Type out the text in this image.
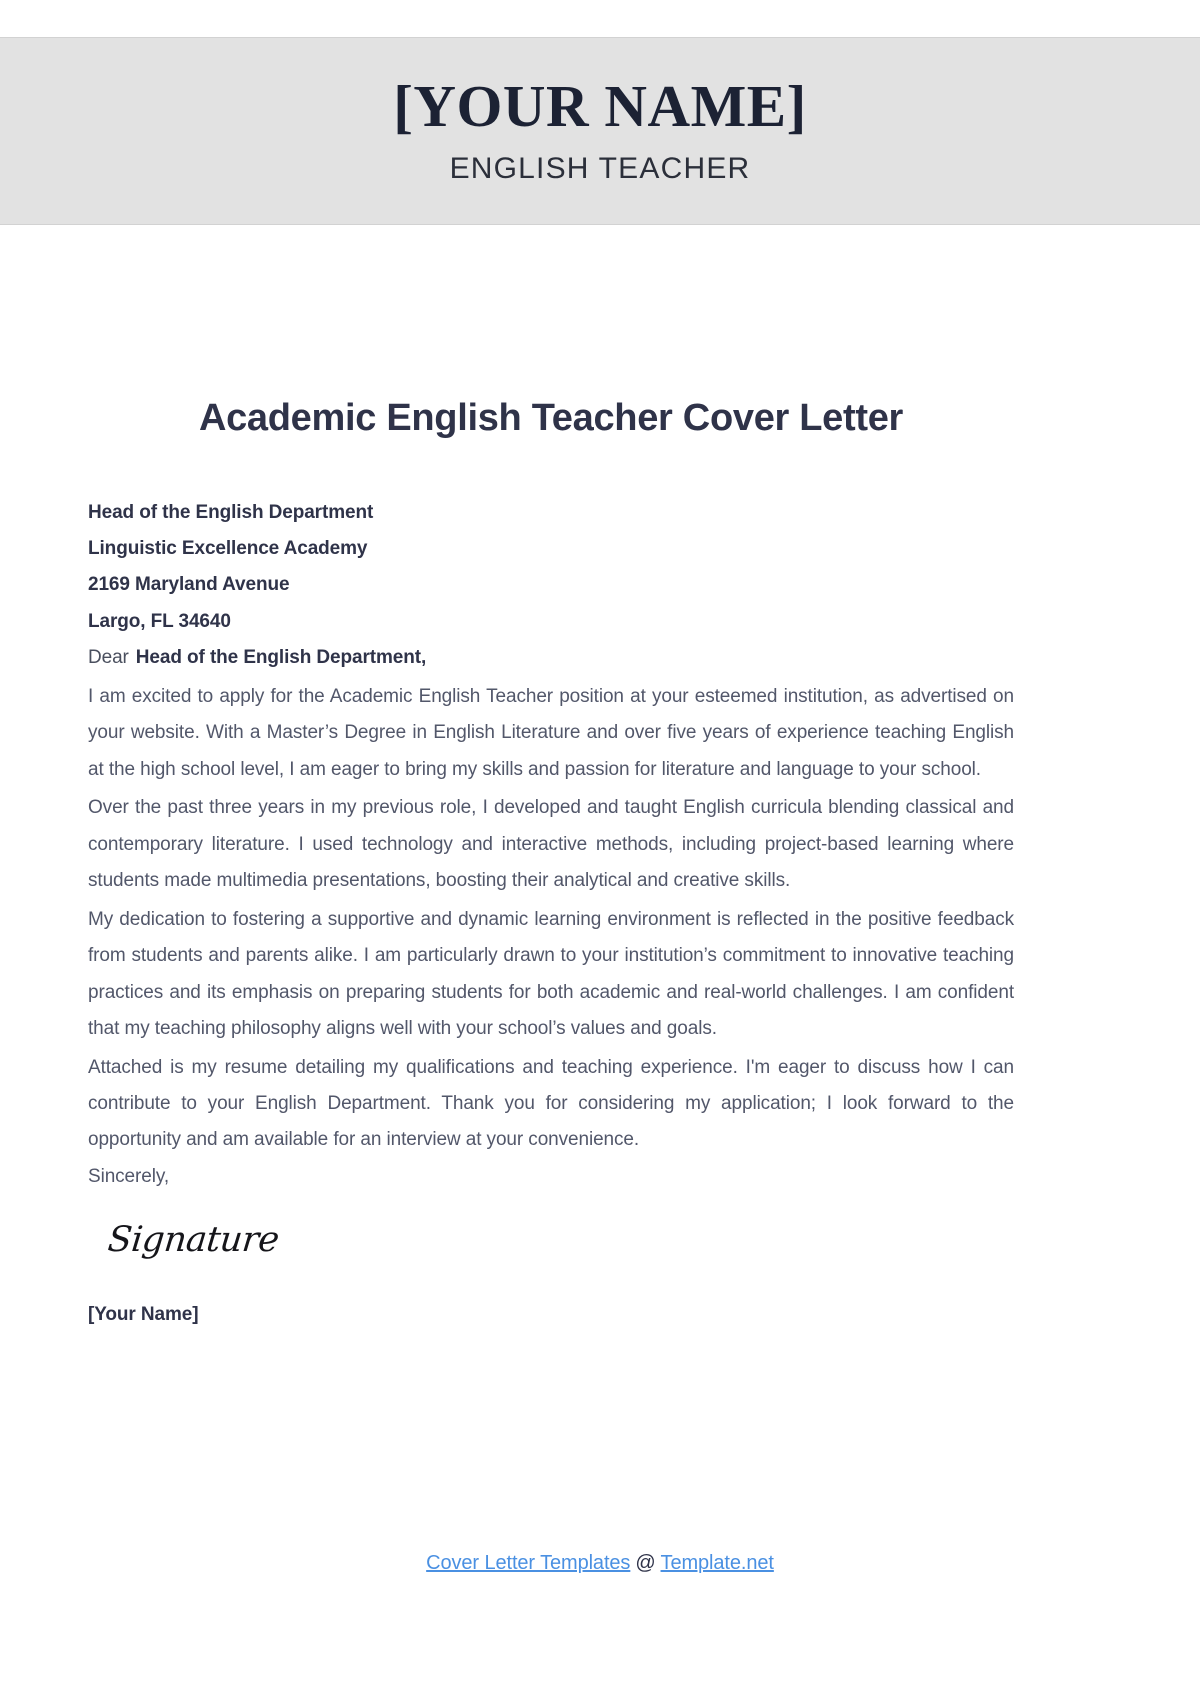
[YOUR NAME]
ENGLISH TEACHER
Academic English Teacher Cover Letter
Head of the English Department
Linguistic Excellence Academy
2169 Maryland Avenue
Largo, FL 34640
Dear Head of the English Department,

I am excited to apply for the Academic English Teacher position at your esteemed institution, as advertised on your website. With a Master’s Degree in English Literature and over five years of experience teaching English at the high school level, I am eager to bring my skills and passion for literature and language to your school.

Over the past three years in my previous role, I developed and taught English curricula blending classical and contemporary literature. I used technology and interactive methods, including project-based learning where students made multimedia presentations, boosting their analytical and creative skills.

My dedication to fostering a supportive and dynamic learning environment is reflected in the positive feedback from students and parents alike. I am particularly drawn to your institution’s commitment to innovative teaching practices and its emphasis on preparing students for both academic and real-world challenges. I am confident that my teaching philosophy aligns well with your school’s values and goals.

Attached is my resume detailing my qualifications and teaching experience. I'm eager to discuss how I can contribute to your English Department. Thank you for considering my application; I look forward to the opportunity and am available for an interview at your convenience.

Sincerely,
Signature
[Your Name]
Cover Letter Templates @ Template.net
